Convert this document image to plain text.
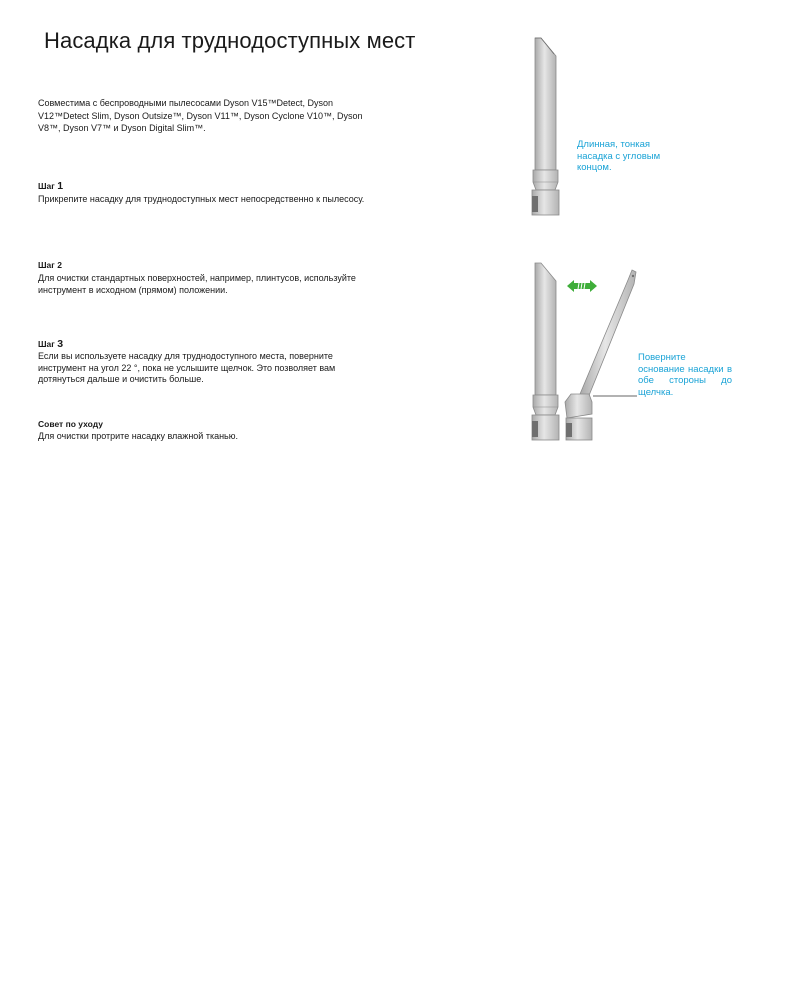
Насадка для труднодоступных мест

Совместима с беспроводными пылесосами Dyson V15™Detect, Dyson V12™Detect Slim, Dyson Outsize™, Dyson V11™, Dyson Cyclone V10™, Dyson V8™, Dyson V7™ и Dyson Digital Slim™.

Шаг 1

Прикрепите насадку для труднодоступных мест непосредственно к пылесосу.

Шаг 2

Для очистки стандартных поверхностей, например, плинтусов, используйте инструмент в исходном (прямом) положении.

Шаг 3

Если вы используете насадку для труднодоступного места, поверните инструмент на угол 22 °, пока не услышите щелчок. Это позволяет вам дотянуться дальше и очистить больше.

Совет по уходу

Для очистки протрите насадку влажной тканью.

Длинная, тонкая насадка с угловым концом.

Поверните основание насадки в обе стороны до щелчка.
